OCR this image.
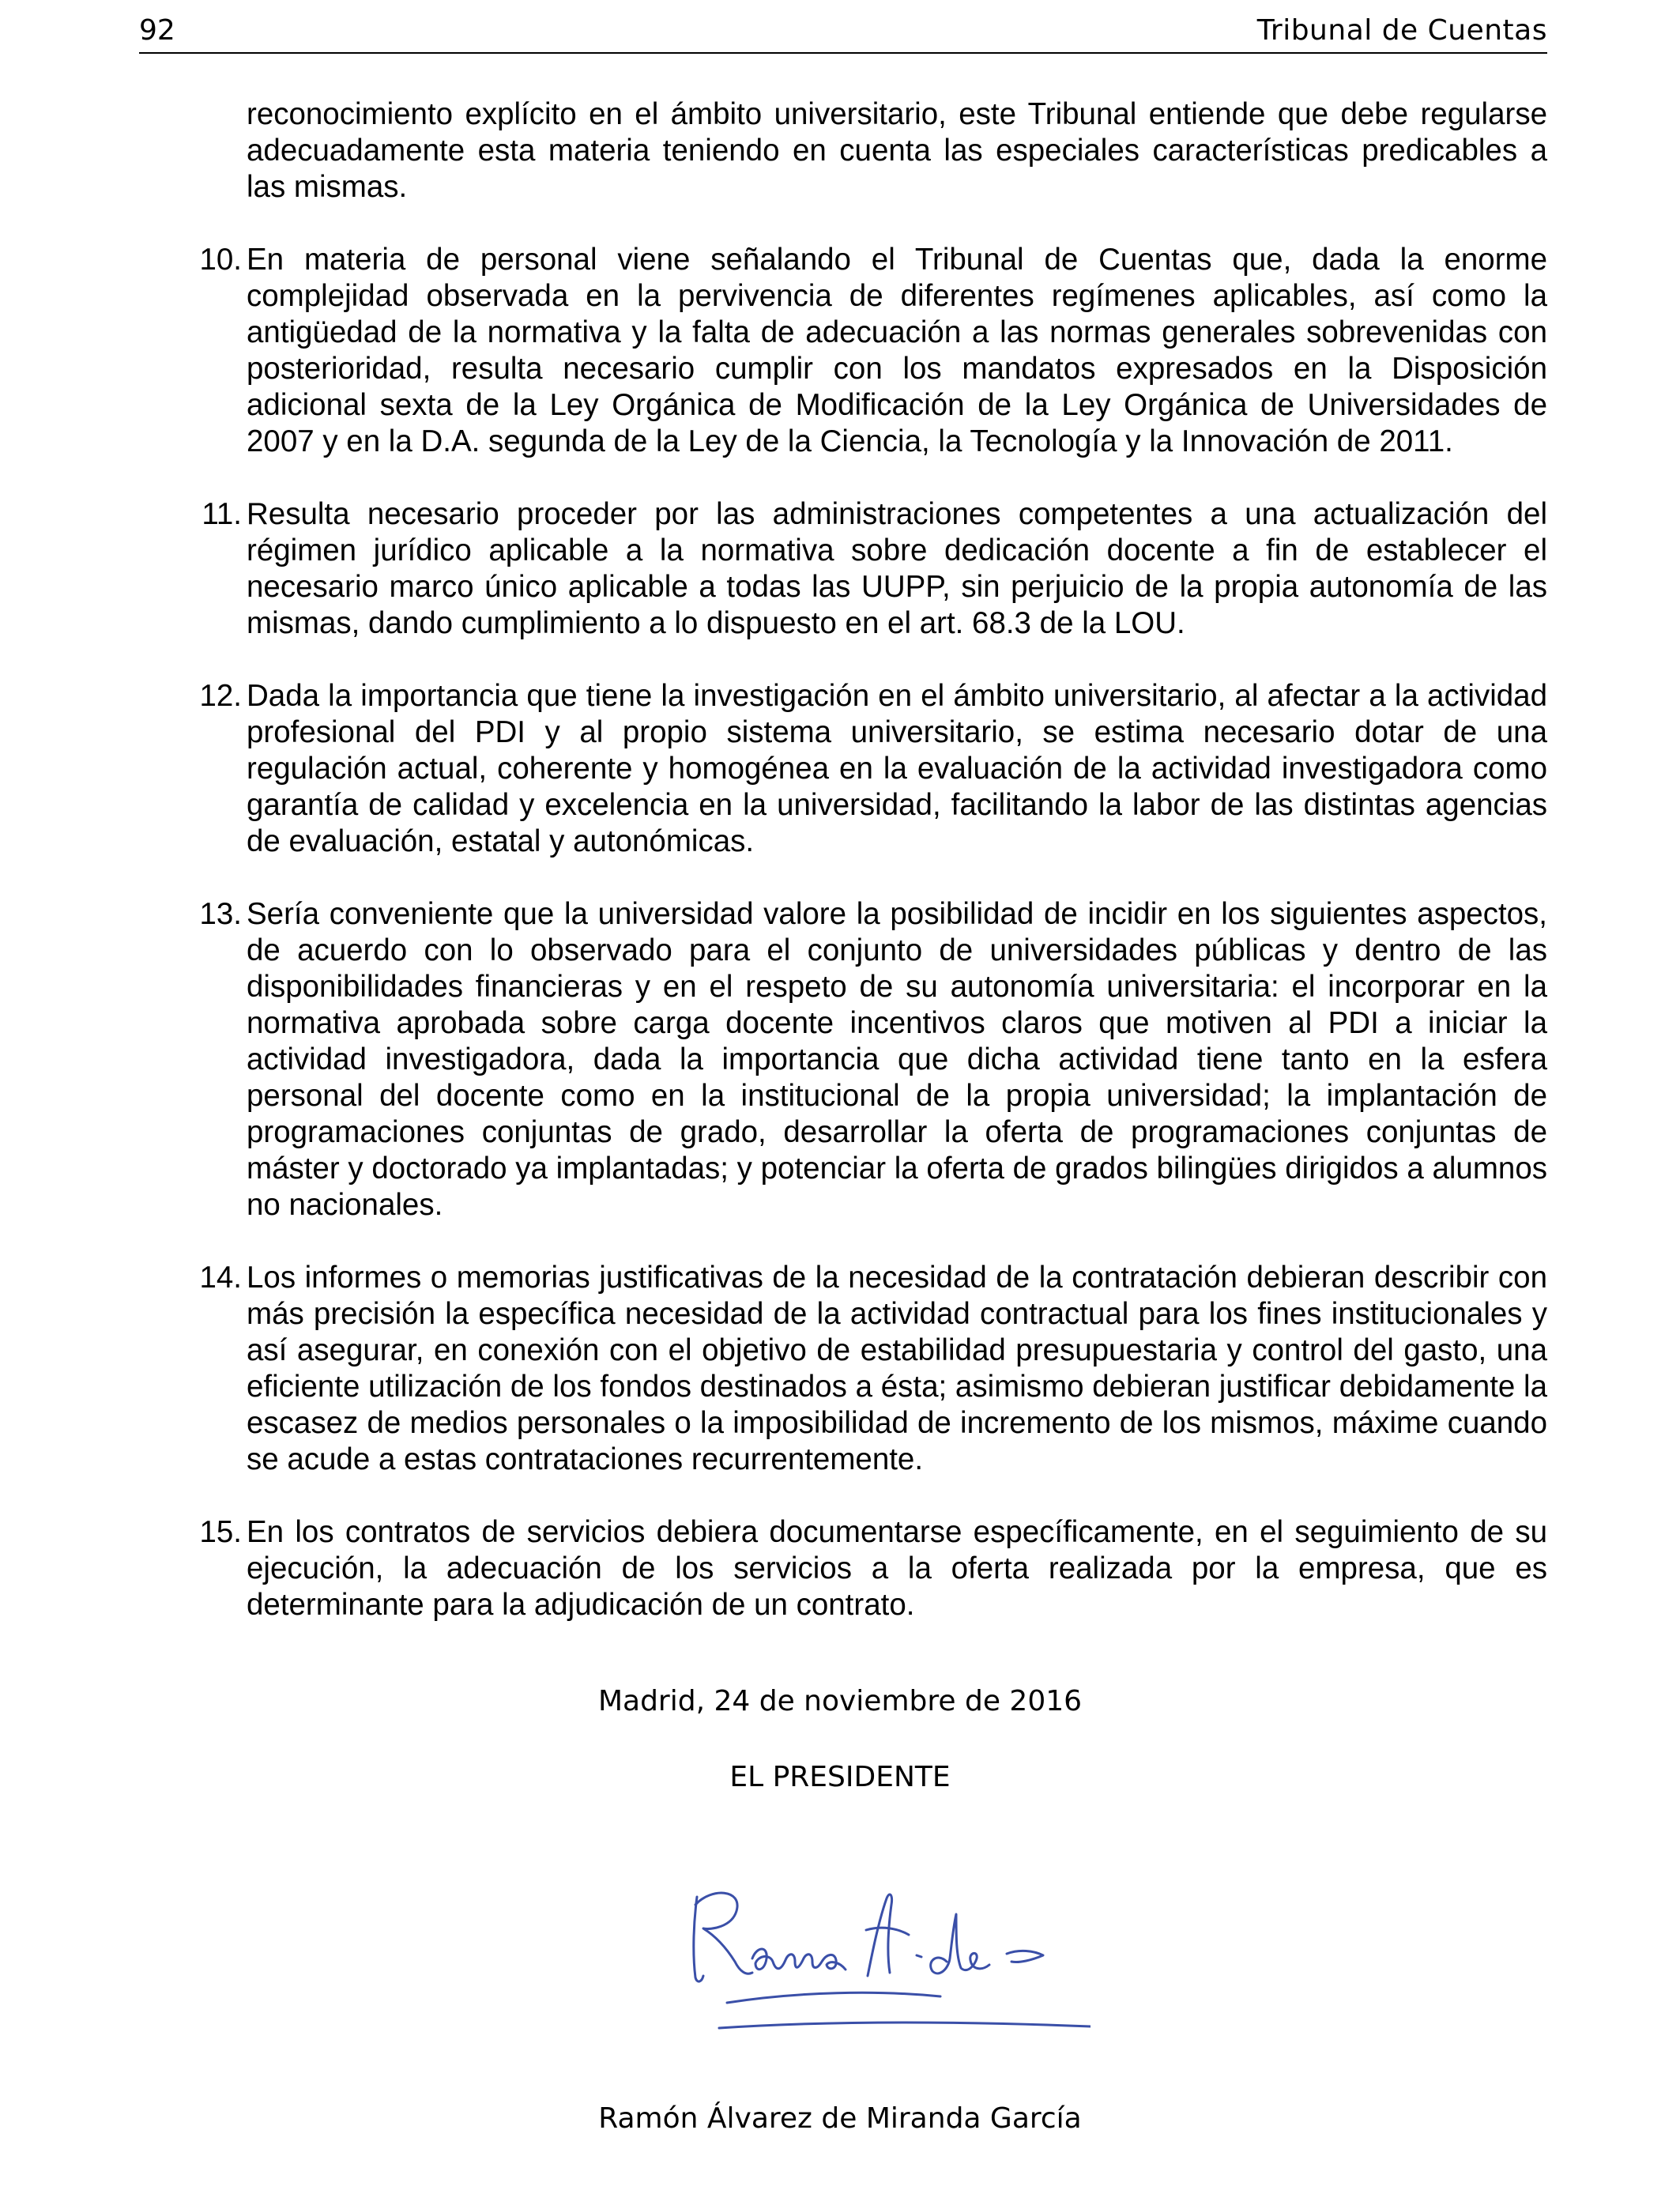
92	Tribunal de Cuentas

reconocimiento explícito en el ámbito universitario, este Tribunal entiende que debe regularse adecuadamente esta materia teniendo en cuenta las especiales características predicables a las mismas.

10. En materia de personal viene señalando el Tribunal de Cuentas que, dada la enorme complejidad observada en la pervivencia de diferentes regímenes aplicables, así como la antigüedad de la normativa y la falta de adecuación a las normas generales sobrevenidas con posterioridad, resulta necesario cumplir con los mandatos expresados en la Disposición adicional sexta de la Ley Orgánica de Modificación de la Ley Orgánica de Universidades de 2007 y en la D.A. segunda de la Ley de la Ciencia, la Tecnología y la Innovación de 2011.
11. Resulta necesario proceder por las administraciones competentes a una actualización del régimen jurídico aplicable a la normativa sobre dedicación docente a fin de establecer el necesario marco único aplicable a todas las UUPP, sin perjuicio de la propia autonomía de las mismas, dando cumplimiento a lo dispuesto en el art. 68.3 de la LOU.
12. Dada la importancia que tiene la investigación en el ámbito universitario, al afectar a la actividad profesional del PDI y al propio sistema universitario, se estima necesario dotar de una regulación actual, coherente y homogénea en la evaluación de la actividad investigadora como garantía de calidad y excelencia en la universidad, facilitando la labor de las distintas agencias de evaluación, estatal y autonómicas.
13. Sería conveniente que la universidad valore la posibilidad de incidir en los siguientes aspectos, de acuerdo con lo observado para el conjunto de universidades públicas y dentro de las disponibilidades financieras y en el respeto de su autonomía universitaria: el incorporar en la normativa aprobada sobre carga docente incentivos claros que motiven al PDI a iniciar la actividad investigadora, dada la importancia que dicha actividad tiene tanto en la esfera personal del docente como en la institucional de la propia universidad; la implantación de programaciones conjuntas de grado, desarrollar la oferta de programaciones conjuntas de máster y doctorado ya implantadas; y potenciar la oferta de grados bilingües dirigidos a alumnos no nacionales.
14. Los informes o memorias justificativas de la necesidad de la contratación debieran describir con más precisión la específica necesidad de la actividad contractual para los fines institucionales y así asegurar, en conexión con el objetivo de estabilidad presupuestaria y control del gasto, una eficiente utilización de los fondos destinados a ésta; asimismo debieran justificar debidamente la escasez de medios personales o la imposibilidad de incremento de los mismos, máxime cuando se acude a estas contrataciones recurrentemente.
15. En los contratos de servicios debiera documentarse específicamente, en el seguimiento de su ejecución, la adecuación de los servicios a la oferta realizada por la empresa, que es determinante para la adjudicación de un contrato.
Madrid, 24 de noviembre de 2016
EL PRESIDENTE
Ramón Álvarez de Miranda García
